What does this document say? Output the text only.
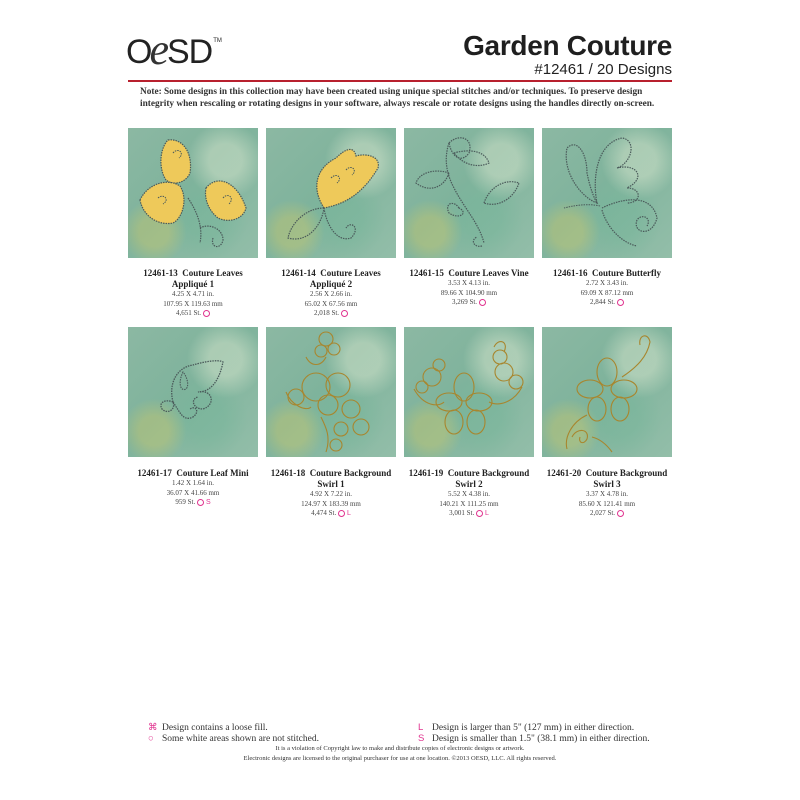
O
e
SD TM	Garden Couture
#12461 / 20 Designs
Note: Some designs in this collection may have been created using unique special stitches and/or techniques. To preserve design integrity when rescaling or rotating designs in your software, always rescale or rotate designs using the handles directly on-screen.
12461-13 Couture Leaves
Appliqué 1
4.25 X 4.71 in.
107.95 X 119.63 mm
4,651 St.
12461-14 Couture Leaves
Appliqué 2
2.56 X 2.66 in.
65.02 X 67.56 mm
2,018 St.
12461-15 Couture Leaves Vine
3.53 X 4.13 in.
89.66 X 104.90 mm
3,269 St.
12461-16 Couture Butterfly
2.72 X 3.43 in.
69.09 X 87.12 mm
2,844 St.
12461-17 Couture Leaf Mini
1.42 X 1.64 in.
36.07 X 41.66 mm
959 St. S
12461-18 Couture Background
Swirl 1
4.92 X 7.22 in.
124.97 X 183.39 mm
4,474 St. L
12461-19 Couture Background
Swirl 2
5.52 X 4.38 in.
140.21 X 111.25 mm
3,001 St. L
12461-20 Couture Background
Swirl 3
3.37 X 4.78 in.
85.60 X 121.41 mm
2,027 St.
⌘ Design contains a loose fill.
○ Some white areas shown are not stitched.
L Design is larger than 5" (127 mm) in either direction.
S Design is smaller than 1.5" (38.1 mm) in either direction.
It is a violation of Copyright law to make and distribute copies of electronic designs or artwork.
Electronic designs are licensed to the original purchaser for use at one location. ©2013 OESD, LLC. All rights reserved.
